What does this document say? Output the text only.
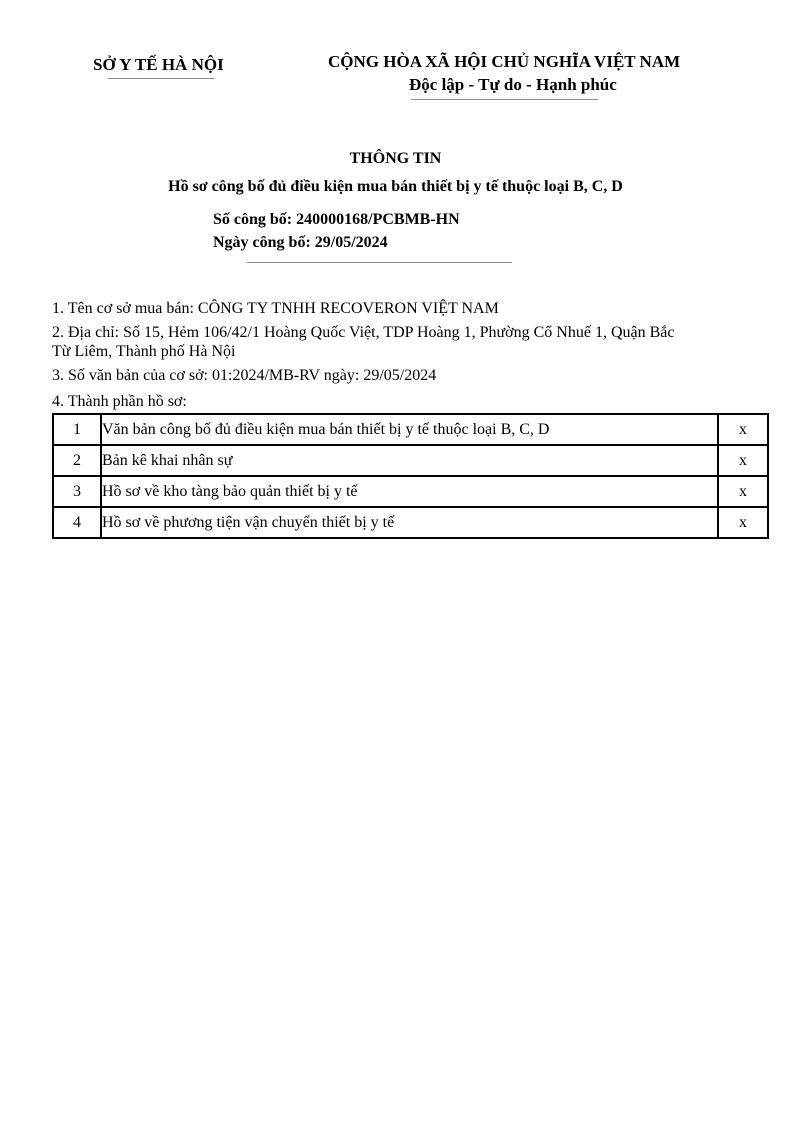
SỞ Y TẾ HÀ NỘI	CỘNG HÒA XÃ HỘI CHỦ NGHĨA VIỆT NAM
Độc lập - Tự do - Hạnh phúc
THÔNG TIN
Hồ sơ công bố đủ điều kiện mua bán thiết bị y tế thuộc loại B, C, D
Số công bố: 240000168/PCBMB-HN
Ngày công bố: 29/05/2024
1. Tên cơ sở mua bán: CÔNG TY TNHH RECOVERON VIỆT NAM
2. Địa chỉ: Số 15, Hẻm 106/42/1 Hoàng Quốc Việt, TDP Hoàng 1, Phường Cổ Nhuế 1, Quận Bắc
Từ Liêm, Thành phố Hà Nội
3. Số văn bản của cơ sở: 01:2024/MB-RV ngày: 29/05/2024
4. Thành phần hồ sơ:
1	Văn bản công bố đủ điều kiện mua bán thiết bị y tế thuộc loại B, C, D	x
2	Bản kê khai nhân sự	x
3	Hồ sơ về kho tàng bảo quản thiết bị y tế	x
4	Hồ sơ về phương tiện vận chuyển thiết bị y tế	x
